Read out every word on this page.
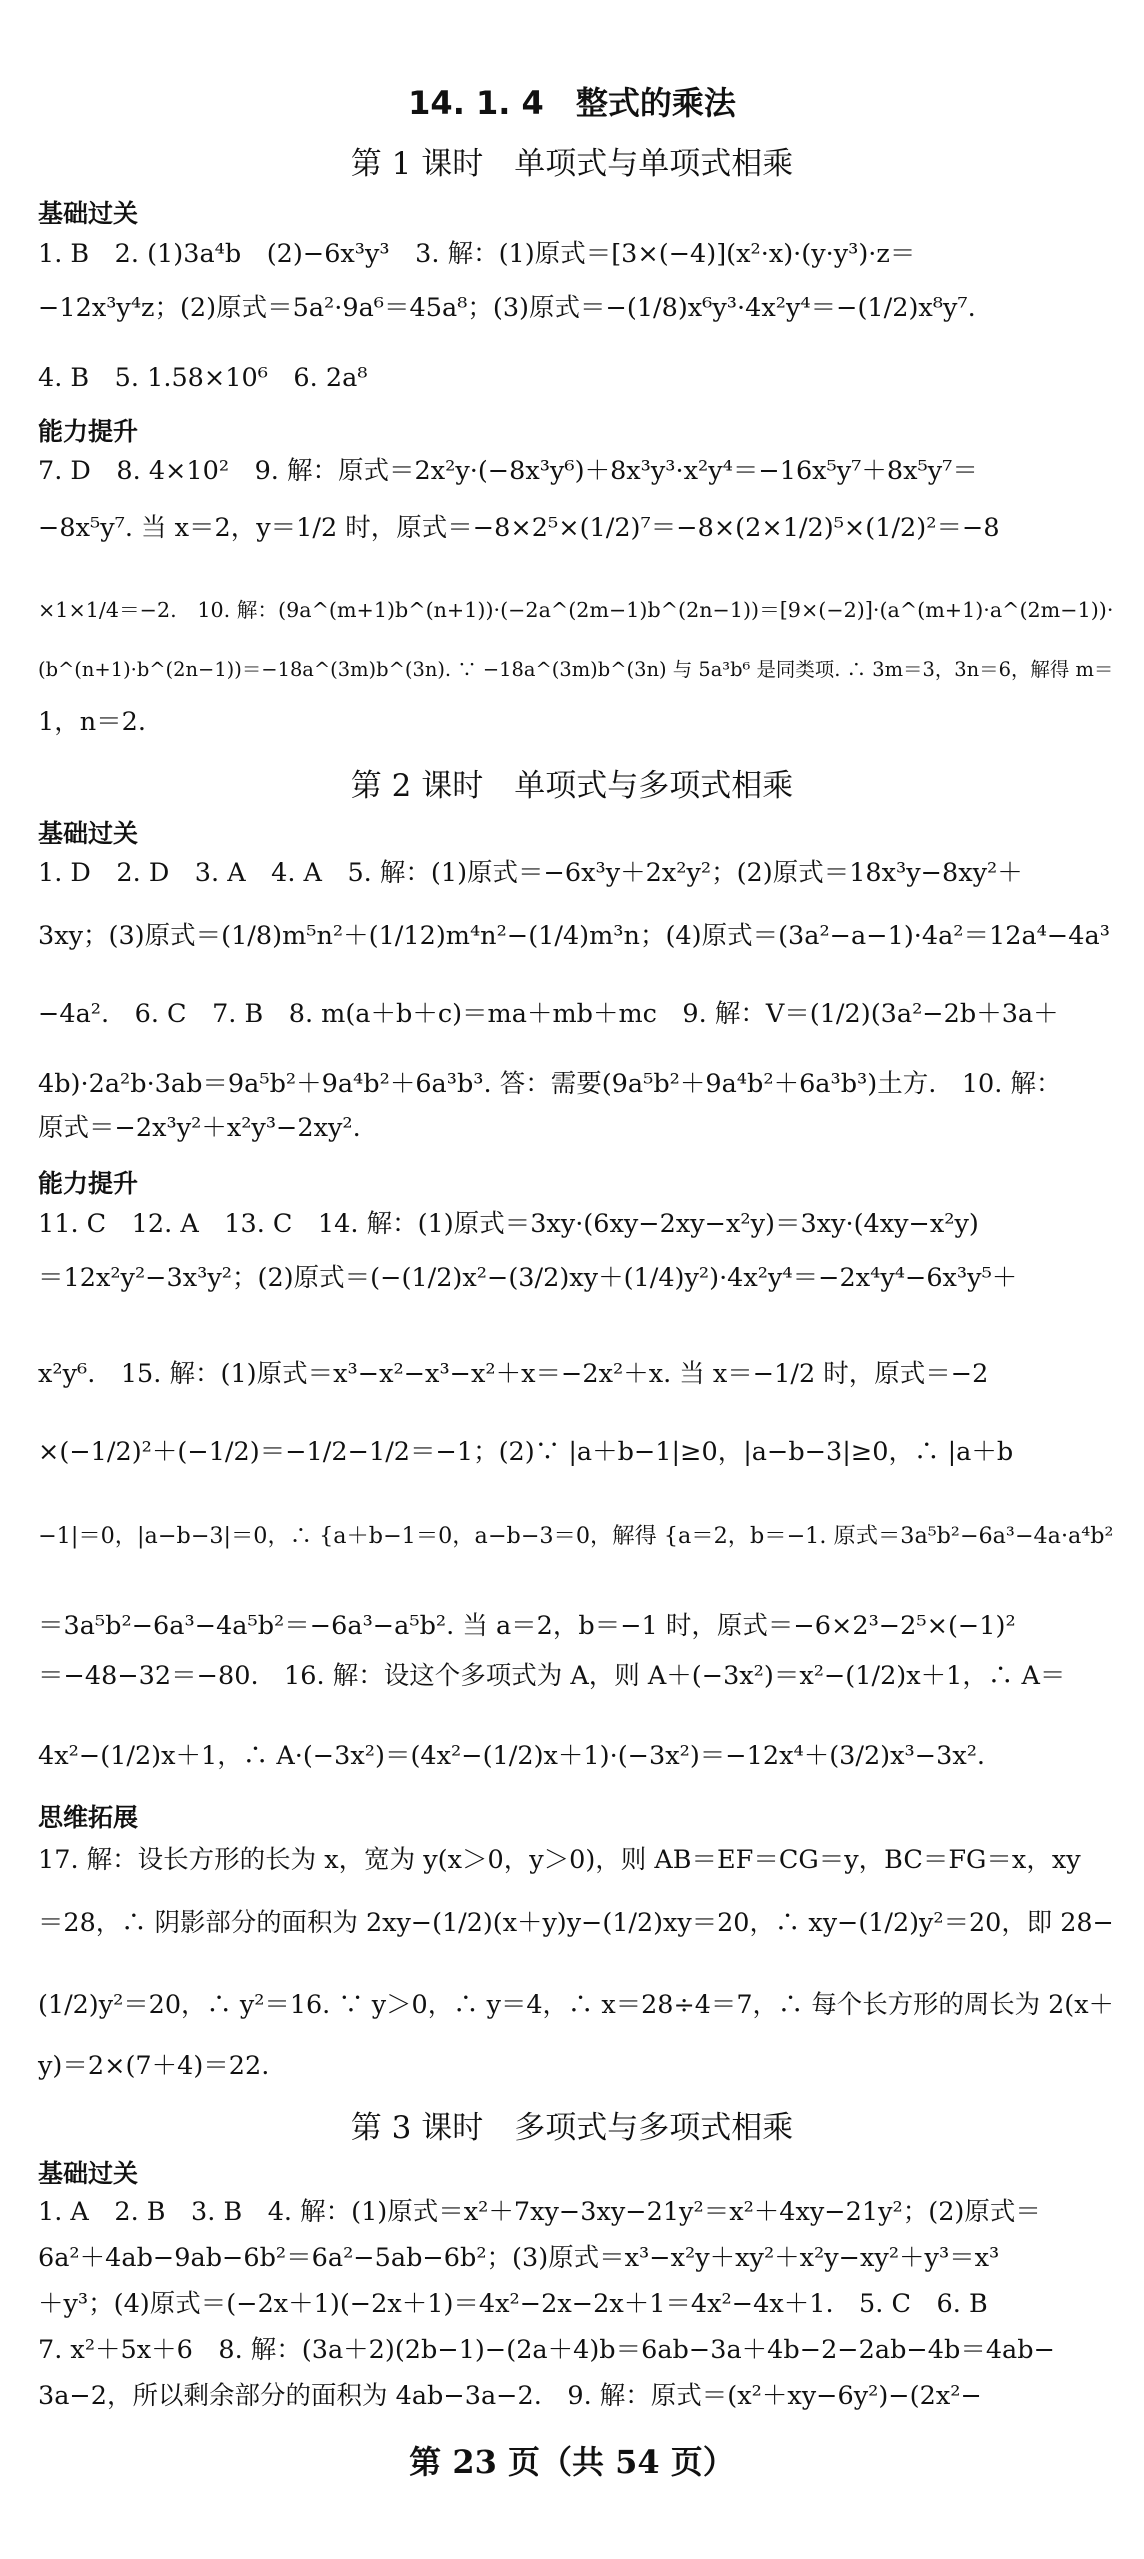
14. 1. 4　整式的乘法
第 1 课时　单项式与单项式相乘
基础过关
1. B　2. (1)3a⁴b　(2)−6x³y³　3. 解：(1)原式＝[3×(−4)](x²·x)·(y·y³)·z＝
−12x³y⁴z；(2)原式＝5a²·9a⁶＝45a⁸；(3)原式＝−(1/8)x⁶y³·4x²y⁴＝−(1/2)x⁸y⁷.
4. B　5. 1.58×10⁶　6. 2a⁸
能力提升
7. D　8. 4×10²　9. 解：原式＝2x²y·(−8x³y⁶)＋8x³y³·x²y⁴＝−16x⁵y⁷＋8x⁵y⁷＝
−8x⁵y⁷. 当 x＝2，y＝1/2 时，原式＝−8×2⁵×(1/2)⁷＝−8×(2×1/2)⁵×(1/2)²＝−8
×1×1/4＝−2.　10. 解：(9a^(m+1)b^(n+1))·(−2a^(2m−1)b^(2n−1))＝[9×(−2)]·(a^(m+1)·a^(2m−1))·
(b^(n+1)·b^(2n−1))＝−18a^(3m)b^(3n). ∵ −18a^(3m)b^(3n) 与 5a³b⁶ 是同类项. ∴ 3m＝3，3n＝6，解得 m＝
1，n＝2.
第 2 课时　单项式与多项式相乘
基础过关
1. D　2. D　3. A　4. A　5. 解：(1)原式＝−6x³y＋2x²y²；(2)原式＝18x³y−8xy²＋
3xy；(3)原式＝(1/8)m⁵n²＋(1/12)m⁴n²−(1/4)m³n；(4)原式＝(3a²−a−1)·4a²＝12a⁴−4a³
−4a².　6. C　7. B　8. m(a＋b＋c)＝ma＋mb＋mc　9. 解：V＝(1/2)(3a²−2b＋3a＋
4b)·2a²b·3ab＝9a⁵b²＋9a⁴b²＋6a³b³. 答：需要(9a⁵b²＋9a⁴b²＋6a³b³)土方.　10. 解：
原式＝−2x³y²＋x²y³−2xy².
能力提升
11. C　12. A　13. C　14. 解：(1)原式＝3xy·(6xy−2xy−x²y)＝3xy·(4xy−x²y)
＝12x²y²−3x³y²；(2)原式＝(−(1/2)x²−(3/2)xy＋(1/4)y²)·4x²y⁴＝−2x⁴y⁴−6x³y⁵＋
x²y⁶.　15. 解：(1)原式＝x³−x²−x³−x²＋x＝−2x²＋x. 当 x＝−1/2 时，原式＝−2
×(−1/2)²＋(−1/2)＝−1/2−1/2＝−1；(2)∵ |a＋b−1|≥0，|a−b−3|≥0，∴ |a＋b
−1|＝0，|a−b−3|＝0，∴ {a＋b−1＝0，a−b−3＝0，解得 {a＝2，b＝−1. 原式＝3a⁵b²−6a³−4a·a⁴b²
＝3a⁵b²−6a³−4a⁵b²＝−6a³−a⁵b². 当 a＝2，b＝−1 时，原式＝−6×2³−2⁵×(−1)²
＝−48−32＝−80.　16. 解：设这个多项式为 A，则 A＋(−3x²)＝x²−(1/2)x＋1，∴ A＝
4x²−(1/2)x＋1，∴ A·(−3x²)＝(4x²−(1/2)x＋1)·(−3x²)＝−12x⁴＋(3/2)x³−3x².
思维拓展
17. 解：设长方形的长为 x，宽为 y(x＞0，y＞0)，则 AB＝EF＝CG＝y，BC＝FG＝x，xy
＝28，∴ 阴影部分的面积为 2xy−(1/2)(x＋y)y−(1/2)xy＝20，∴ xy−(1/2)y²＝20，即 28−
(1/2)y²＝20，∴ y²＝16. ∵ y＞0，∴ y＝4，∴ x＝28÷4＝7，∴ 每个长方形的周长为 2(x＋
y)＝2×(7＋4)＝22.
第 3 课时　多项式与多项式相乘
基础过关
1. A　2. B　3. B　4. 解：(1)原式＝x²＋7xy−3xy−21y²＝x²＋4xy−21y²；(2)原式＝
6a²＋4ab−9ab−6b²＝6a²−5ab−6b²；(3)原式＝x³−x²y＋xy²＋x²y−xy²＋y³＝x³
＋y³；(4)原式＝(−2x＋1)(−2x＋1)＝4x²−2x−2x＋1＝4x²−4x＋1.　5. C　6. B
7. x²＋5x＋6　8. 解：(3a＋2)(2b−1)−(2a＋4)b＝6ab−3a＋4b−2−2ab−4b＝4ab−
3a−2，所以剩余部分的面积为 4ab−3a−2.　9. 解：原式＝(x²＋xy−6y²)−(2x²−
第 23 页（共 54 页）
